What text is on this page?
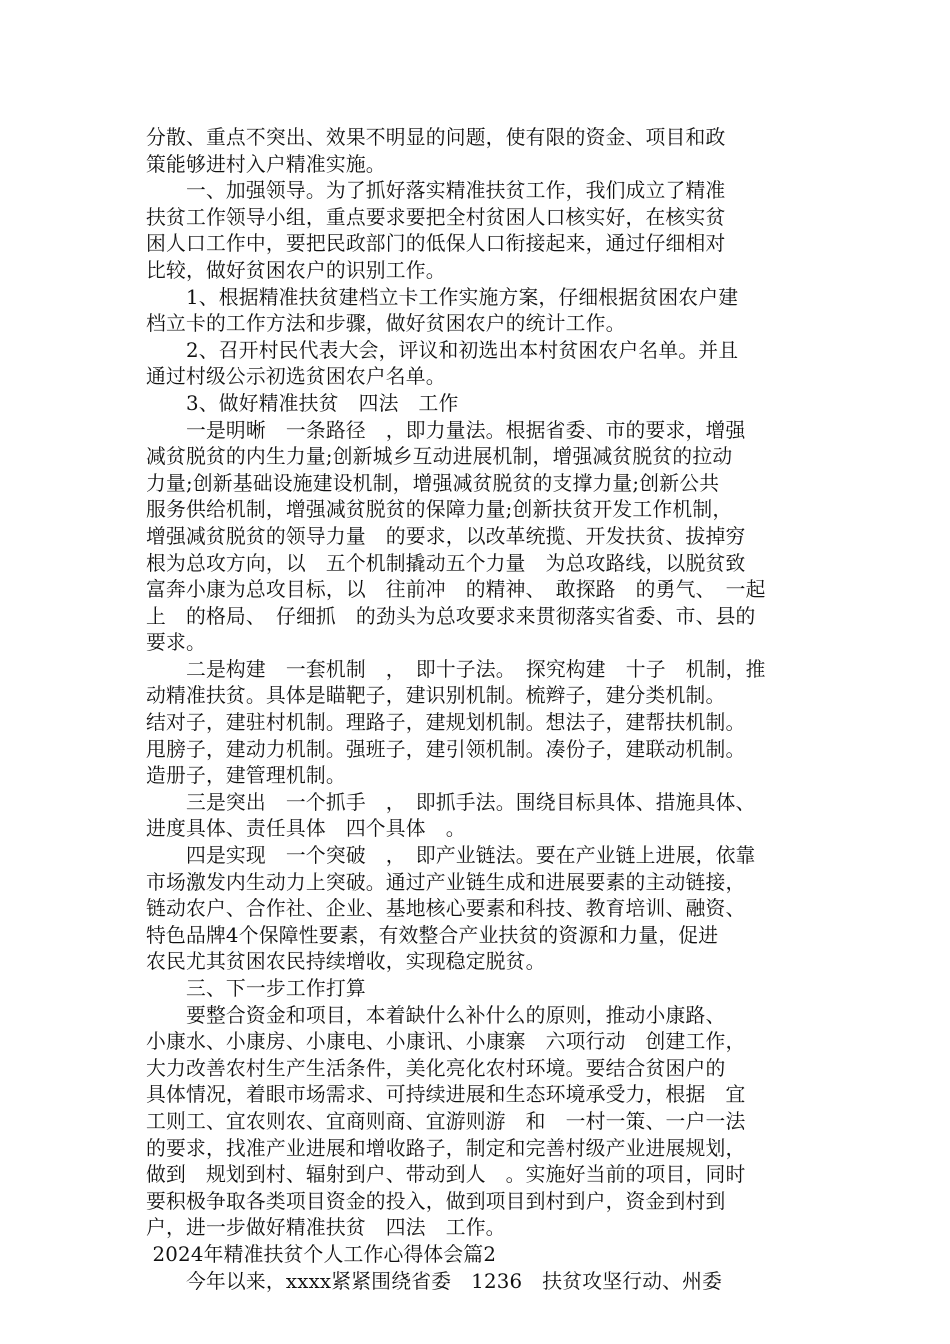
分散、重点不突出、效果不明显的问题，使有限的资金、项目和政
策能够进村入户精准实施。
　　一、加强领导。为了抓好落实精准扶贫工作，我们成立了精准
扶贫工作领导小组，重点要求要把全村贫困人口核实好，在核实贫
困人口工作中，要把民政部门的低保人口衔接起来，通过仔细相对
比较，做好贫困农户的识别工作。
　　1、根据精准扶贫建档立卡工作实施方案，仔细根据贫困农户建
档立卡的工作方法和步骤，做好贫困农户的统计工作。
　　2、召开村民代表大会，评议和初选出本村贫困农户名单。并且
通过村级公示初选贫困农户名单。
　　3、做好精准扶贫　四法　工作
　　一是明晰　一条路径　，即力量法。根据省委、市的要求，增强
减贫脱贫的内生力量;创新城乡互动进展机制，增强减贫脱贫的拉动
力量;创新基础设施建设机制，增强减贫脱贫的支撑力量;创新公共
服务供给机制，增强减贫脱贫的保障力量;创新扶贫开发工作机制，
增强减贫脱贫的领导力量　的要求，以改革统揽、开发扶贫、拔掉穷
根为总攻方向，以　五个机制撬动五个力量　为总攻路线，以脱贫致
富奔小康为总攻目标，以　往前冲　的精神、　敢探路　的勇气、　一起
上　的格局、　仔细抓　的劲头为总攻要求来贯彻落实省委、市、县的
要求。
　　二是构建　一套机制　，　即十子法。　探究构建　十子　机制，推
动精准扶贫。具体是瞄靶子，建识别机制。梳辫子，建分类机制。
结对子，建驻村机制。理路子，建规划机制。想法子，建帮扶机制。
甩膀子，建动力机制。强班子，建引领机制。凑份子，建联动机制。
造册子，建管理机制。
　　三是突出　一个抓手　，　即抓手法。围绕目标具体、措施具体、
进度具体、责任具体　四个具体　。
　　四是实现　一个突破　，　即产业链法。要在产业链上进展，依靠
市场激发内生动力上突破。通过产业链生成和进展要素的主动链接，
链动农户、合作社、企业、基地核心要素和科技、教育培训、融资、
特色品牌4个保障性要素，有效整合产业扶贫的资源和力量，促进
农民尤其贫困农民持续增收，实现稳定脱贫。
　　三、下一步工作打算
　　要整合资金和项目，本着缺什么补什么的原则，推动小康路、
小康水、小康房、小康电、小康讯、小康寨　六项行动　创建工作，
大力改善农村生产生活条件，美化亮化农村环境。要结合贫困户的
具体情况，着眼市场需求、可持续进展和生态环境承受力，根据　宜
工则工、宜农则农、宜商则商、宜游则游　和　一村一策、一户一法
的要求，找准产业进展和增收路子，制定和完善村级产业进展规划，
做到　规划到村、辐射到户、带动到人　。实施好当前的项目，同时
要积极争取各类项目资金的投入，做到项目到村到户，资金到村到
户，进一步做好精准扶贫　四法　工作。
2024年精准扶贫个人工作心得体会篇2
　　今年以来，xxxx紧紧围绕省委　1236　扶贫攻坚行动、州委
